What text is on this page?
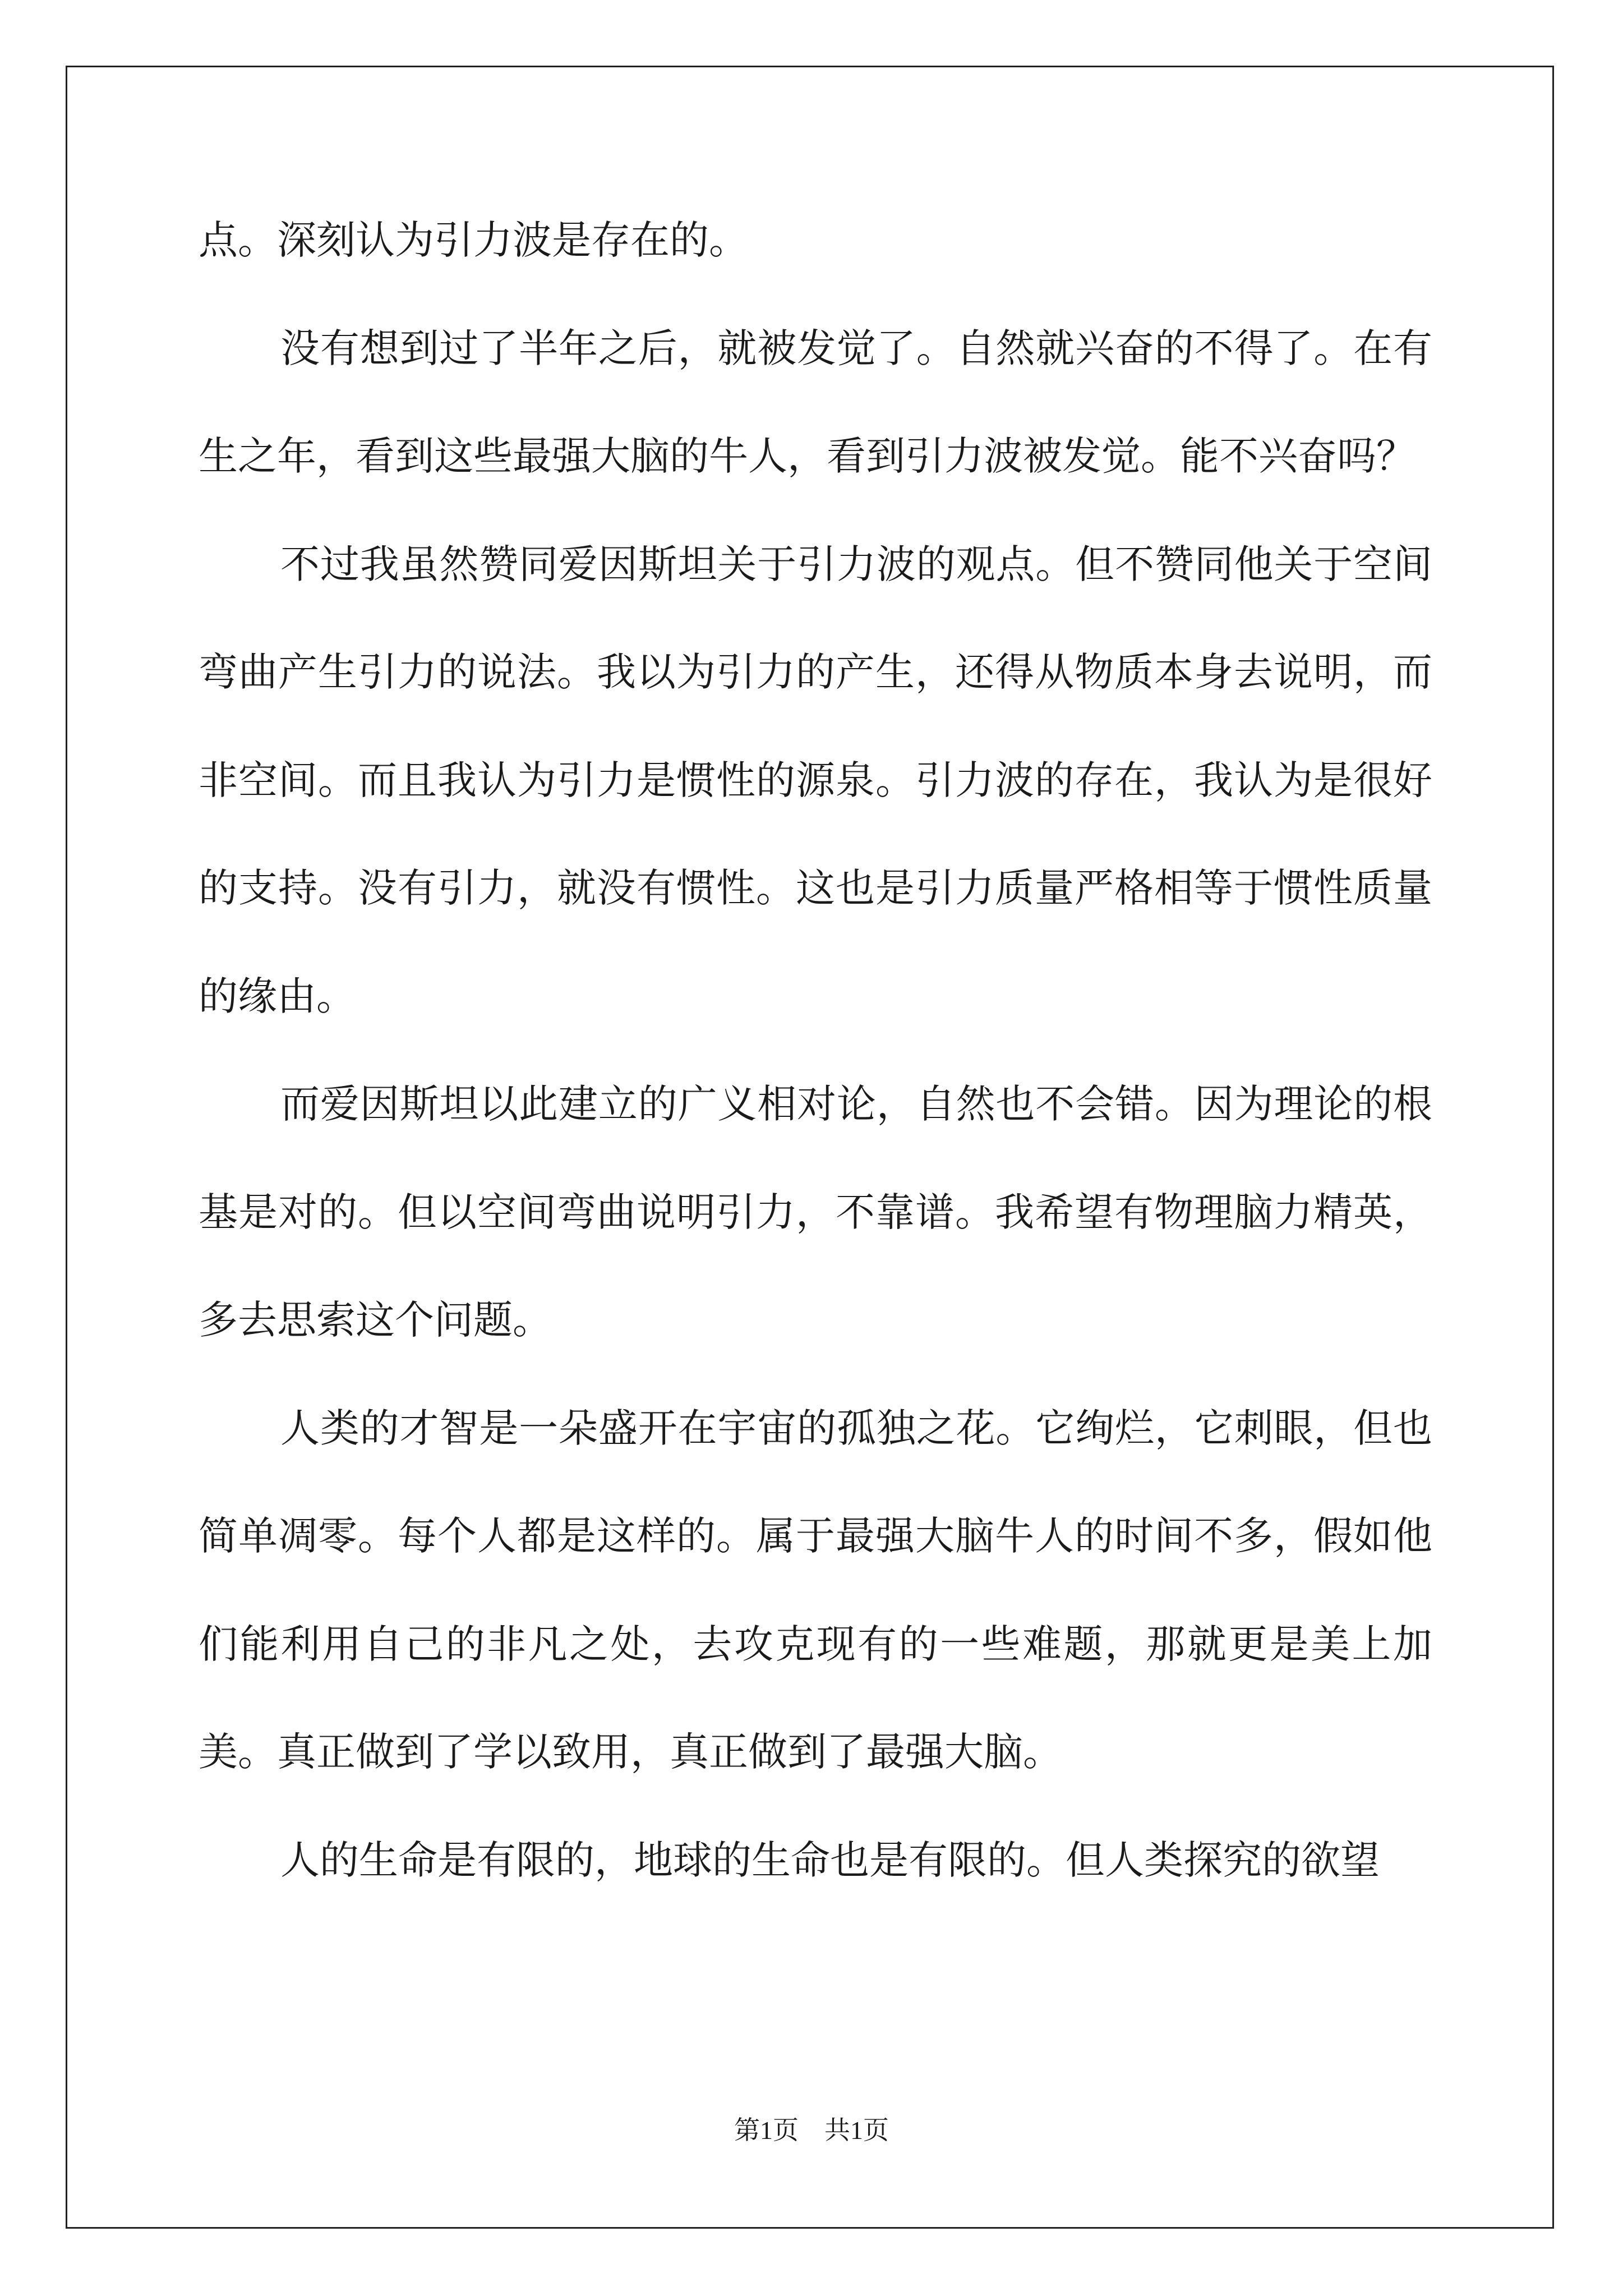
点。深刻认为引力波是存在的。

没有想到过了半年之后，就被发觉了。自然就兴奋的不得了。在有生之年，看到这些最强大脑的牛人，看到引力波被发觉。能不兴奋吗？

不过我虽然赞同爱因斯坦关于引力波的观点。但不赞同他关于空间弯曲产生引力的说法。我以为引力的产生，还得从物质本身去说明，而非空间。而且我认为引力是惯性的源泉。引力波的存在，我认为是很好的支持。没有引力，就没有惯性。这也是引力质量严格相等于惯性质量的缘由。

而爱因斯坦以此建立的广义相对论，自然也不会错。因为理论的根基是对的。但以空间弯曲说明引力，不靠谱。我希望有物理脑力精英，多去思索这个问题。

人类的才智是一朵盛开在宇宙的孤独之花。它绚烂，它刺眼，但也简单凋零。每个人都是这样的。属于最强大脑牛人的时间不多，假如他们能利用自己的非凡之处，去攻克现有的一些难题，那就更是美上加美。真正做到了学以致用，真正做到了最强大脑。

人的生命是有限的，地球的生命也是有限的。但人类探究的欲望

第1页　共1页
